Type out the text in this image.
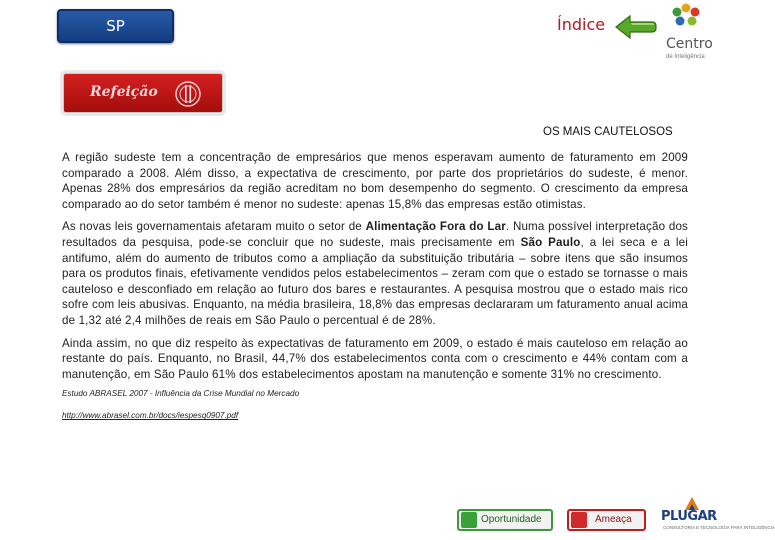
SP	Índice
Centro
de Inteligência
Refeição
OS MAIS CAUTELOSOS

A região sudeste tem a concentração de empresários que menos esperavam aumento de faturamento em 2009 comparado a 2008. Além disso, a expectativa de crescimento, por parte dos proprietários do sudeste, é menor. Apenas 28% dos empresários da região acreditam no bom desempenho do segmento. O crescimento da empresa comparado ao do setor também é menor no sudeste: apenas 15,8% das empresas estão otimistas.

As novas leis governamentais afetaram muito o setor de Alimentação Fora do Lar. Numa possível interpretação dos resultados da pesquisa, pode-se concluir que no sudeste, mais precisamente em São Paulo, a lei seca e a lei antifumo, além do aumento de tributos como a ampliação da substituição tributária – sobre itens que são insumos para os produtos finais, efetivamente vendidos pelos estabelecimentos – zeram com que o estado se tornasse o mais cauteloso e desconfiado em relação ao futuro dos bares e restaurantes. A pesquisa mostrou que o estado mais rico sofre com leis abusivas. Enquanto, na média brasileira, 18,8% das empresas declararam um faturamento anual acima de 1,32 até 2,4 milhões de reais em São Paulo o percentual é de 28%.

Ainda assim, no que diz respeito às expectativas de faturamento em 2009, o estado é mais cauteloso em relação ao restante do país. Enquanto, no Brasil, 44,7% dos estabelecimentos conta com o crescimento e 44% contam com a manutenção, em São Paulo 61% dos estabelecimentos apostam na manutenção e somente 31% no crescimento.

Estudo ABRASEL 2007 - Influência da Crise Mundial no Mercado
http://www.abrasel.com.br/docs/iespesq0907.pdf
Oportunidade	Ameaça PLUGAR
CONSULTORIA E TECNOLOGIA PARA INTELIGÊNCIA
